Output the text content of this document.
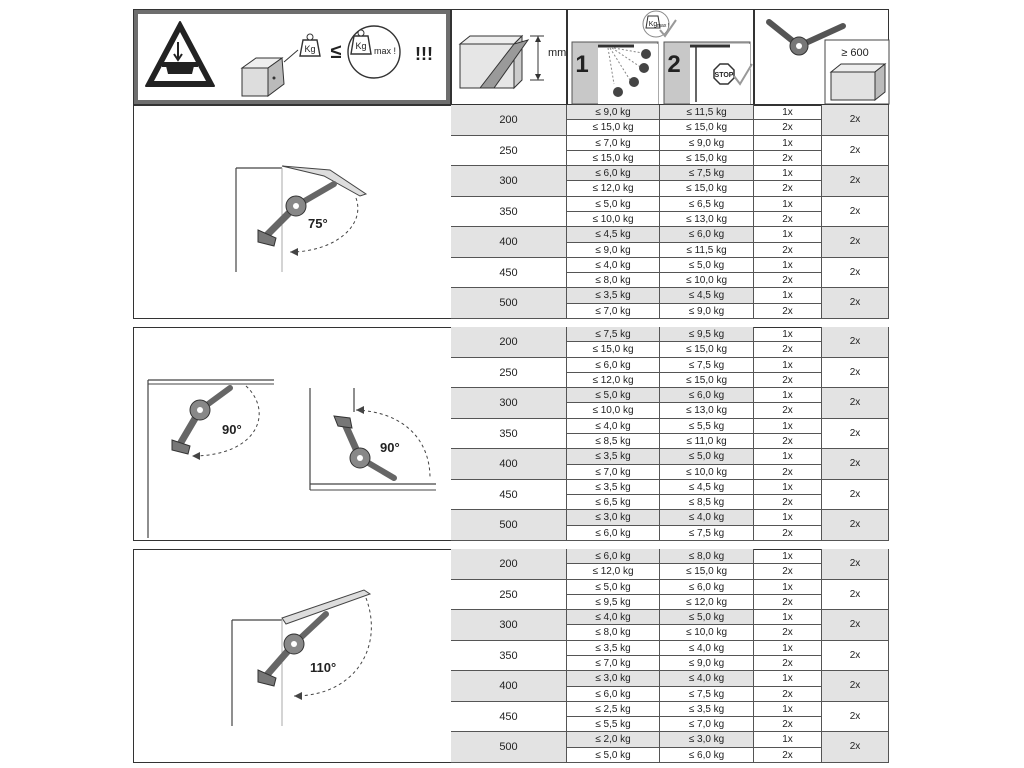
Kg ≤ Kg max ! !!!	mm 1	2
Kg max !
STOP
≥ 600
75°
90°
90°
110°
200
≤ 9,0 kg
≤ 15,0 kg
≤ 11,5 kg
≤ 15,0 kg
1x
2x
2x
250
≤ 7,0 kg
≤ 15,0 kg
≤ 9,0 kg
≤ 15,0 kg
1x
2x
2x
300
≤ 6,0 kg
≤ 12,0 kg
≤ 7,5 kg
≤ 15,0 kg
1x
2x
2x
350
≤ 5,0 kg
≤ 10,0 kg
≤ 6,5 kg
≤ 13,0 kg
1x
2x
2x
400
≤ 4,5 kg
≤ 9,0 kg
≤ 6,0 kg
≤ 11,5 kg
1x
2x
2x
450
≤ 4,0 kg
≤ 8,0 kg
≤ 5,0 kg
≤ 10,0 kg
1x
2x
2x
500
≤ 3,5 kg
≤ 7,0 kg
≤ 4,5 kg
≤ 9,0 kg
1x
2x
2x
200
≤ 7,5 kg
≤ 15,0 kg
≤ 9,5 kg
≤ 15,0 kg
1x
2x
2x
250
≤ 6,0 kg
≤ 12,0 kg
≤ 7,5 kg
≤ 15,0 kg
1x
2x
2x
300
≤ 5,0 kg
≤ 10,0 kg
≤ 6,0 kg
≤ 13,0 kg
1x
2x
2x
350
≤ 4,0 kg
≤ 8,5 kg
≤ 5,5 kg
≤ 11,0 kg
1x
2x
2x
400
≤ 3,5 kg
≤ 7,0 kg
≤ 5,0 kg
≤ 10,0 kg
1x
2x
2x
450
≤ 3,5 kg
≤ 6,5 kg
≤ 4,5 kg
≤ 8,5 kg
1x
2x
2x
500
≤ 3,0 kg
≤ 6,0 kg
≤ 4,0 kg
≤ 7,5 kg
1x
2x
2x
200
≤ 6,0 kg
≤ 12,0 kg
≤ 8,0 kg
≤ 15,0 kg
1x
2x
2x
250
≤ 5,0 kg
≤ 9,5 kg
≤ 6,0 kg
≤ 12,0 kg
1x
2x
2x
300
≤ 4,0 kg
≤ 8,0 kg
≤ 5,0 kg
≤ 10,0 kg
1x
2x
2x
350
≤ 3,5 kg
≤ 7,0 kg
≤ 4,0 kg
≤ 9,0 kg
1x
2x
2x
400
≤ 3,0 kg
≤ 6,0 kg
≤ 4,0 kg
≤ 7,5 kg
1x
2x
2x
450
≤ 2,5 kg
≤ 5,5 kg
≤ 3,5 kg
≤ 7,0 kg
1x
2x
2x
500
≤ 2,0 kg
≤ 5,0 kg
≤ 3,0 kg
≤ 6,0 kg
1x
2x
2x
